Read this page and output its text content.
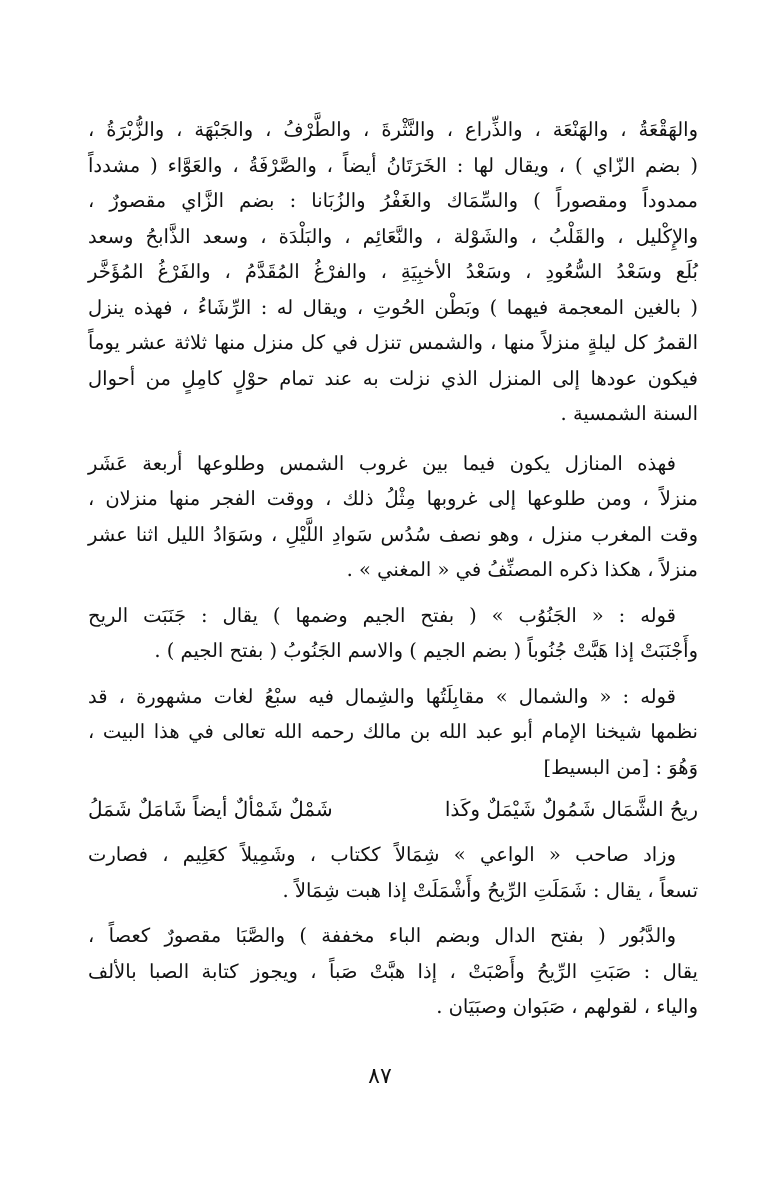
والهَقْعَةُ ، والهَنْعَة ، والذِّراع ، والنَّثْرةَ ، والطَّرْفُ ، والجَبْهَة ، والزُّبْرَةُ ،
( بضم الزّاي ) ، ويقال لها : الخَرَتَانُ أيضاً ، والصَّرْفَةُ ، والعَوَّاء ( مشدداً
ممدوداً ومقصوراً ) والسِّمَاك والغَفْرُ والزُبَانا : بضم الزَّاي مقصورٌ ،
والإِكْليل ، والقَلْبُ ، والشَوْلة ، والنَّعَائِم ، والبَلْدَة ، وسعد الذَّابحُ وسعد
بُلَع وسَعْدُ السُّعُودِ ، وسَعْدُ الأخبِيَةِ ، والفرْغُ المُقَدَّمُ ، والفَرْغُ المُؤَخَّر
( بالغين المعجمة فيهما ) وبَطْن الحُوتِ ، ويقال له : الرِّشَاءُ ، فهذه ينزل
القمرُ كل ليلةٍ منزلاً منها ، والشمس تنزل في كل منزل منها ثلاثة عشر يوماً
فيكون عودها إلى المنزل الذي نزلت به عند تمام حوْلٍ كامِلٍ من أحوال
السنة الشمسية .

فهذه المنازل يكون فيما بين غروب الشمس وطلوعها أربعة عَشَر
منزلاً ، ومن طلوعها إلى غروبها مِثْلُ ذلك ، ووقت الفجر منها منزلان ،
وقت المغرب منزل ، وهو نصف سُدُس سَوادِ اللَّيْلِ ، وسَوَادُ الليل اثنا عشر
منزلاً ، هكذا ذكره المصنِّفُ في « المغني » .

قوله : « الجَنُوُب » ( بفتح الجيم وضمها ) يقال : جَنَبَت الريح
وأَجْنَبَتْ إذا هَبَّتْ جُنُوباً ( بضم الجيم ) والاسم الجَنُوبُ ( بفتح الجيم ) .

قوله : « والشمال » مقابِلَتُها والشِمال فيه سبْعُ لغات مشهورة ، قد
نظمها شيخنا الإمام أبو عبد الله بن مالك رحمه الله تعالى في هذا البيت ،
وَهُوَ : [من البسيط]

ريحُ الشَّمَال شَمُولٌ شَيْمَلٌ وكَذا
شَمْلٌ شَمْألٌ أيضاً شَامَلٌ شَمَلُ

وزاد صاحب « الواعي » شِمَالاً ككتاب ، وشَمِيلاً كعَلِيم ، فصارت
تسعاً ، يقال : شَمَلَتِ الرِّيحُ وأَشْمَلَتْ إذا هبت شِمَالاً .

والدَّبُور ( بفتح الدال وبضم الباء مخففة ) والصَّبَا مقصورٌ كعصاً ،
يقال : صَبَتِ الرِّيحُ وأَصْبَتْ ، إذا هبَّتْ صَباً ، ويجوز كتابة الصبا بالألف
والياء ، لقولهم ، صَبَوان وصبَيَان .

٨٧
